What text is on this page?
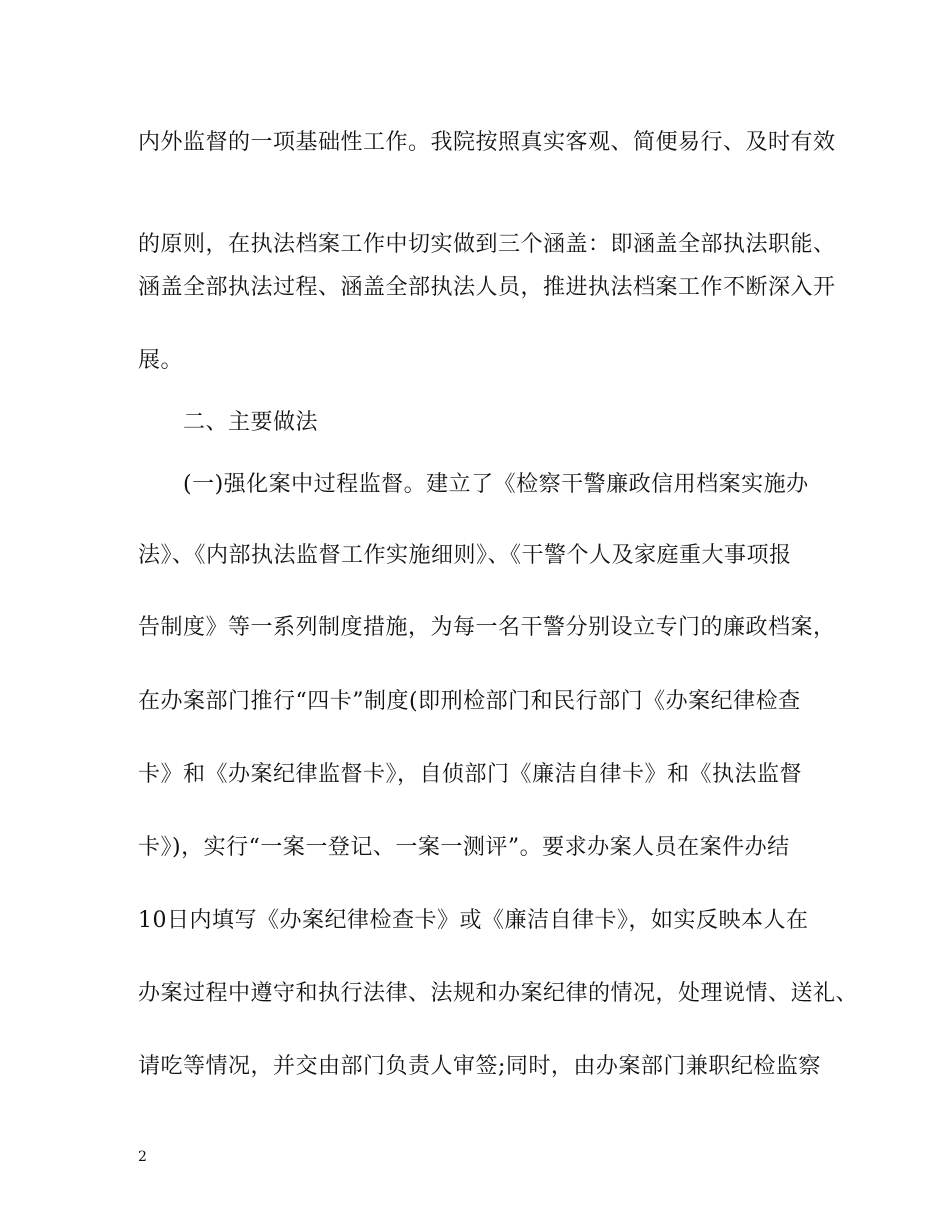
内外监督的一项基础性工作。我院按照真实客观、简便易行、及时有效
的原则，在执法档案工作中切实做到三个涵盖：即涵盖全部执法职能、
涵盖全部执法过程、涵盖全部执法人员，推进执法档案工作不断深入开
展。
二、主要做法
(一)强化案中过程监督。建立了《检察干警廉政信用档案实施办
法》、《内部执法监督工作实施细则》、《干警个人及家庭重大事项报
告制度》等一系列制度措施，为每一名干警分别设立专门的廉政档案，
在办案部门推行“四卡”制度(即刑检部门和民行部门《办案纪律检查
卡》和《办案纪律监督卡》，自侦部门《廉洁自律卡》和《执法监督
卡》)，实行“一案一登记、一案一测评”。要求办案人员在案件办结
10日内填写《办案纪律检查卡》或《廉洁自律卡》，如实反映本人在
办案过程中遵守和执行法律、法规和办案纪律的情况，处理说情、送礼、
请吃等情况，并交由部门负责人审签;同时，由办案部门兼职纪检监察
2
